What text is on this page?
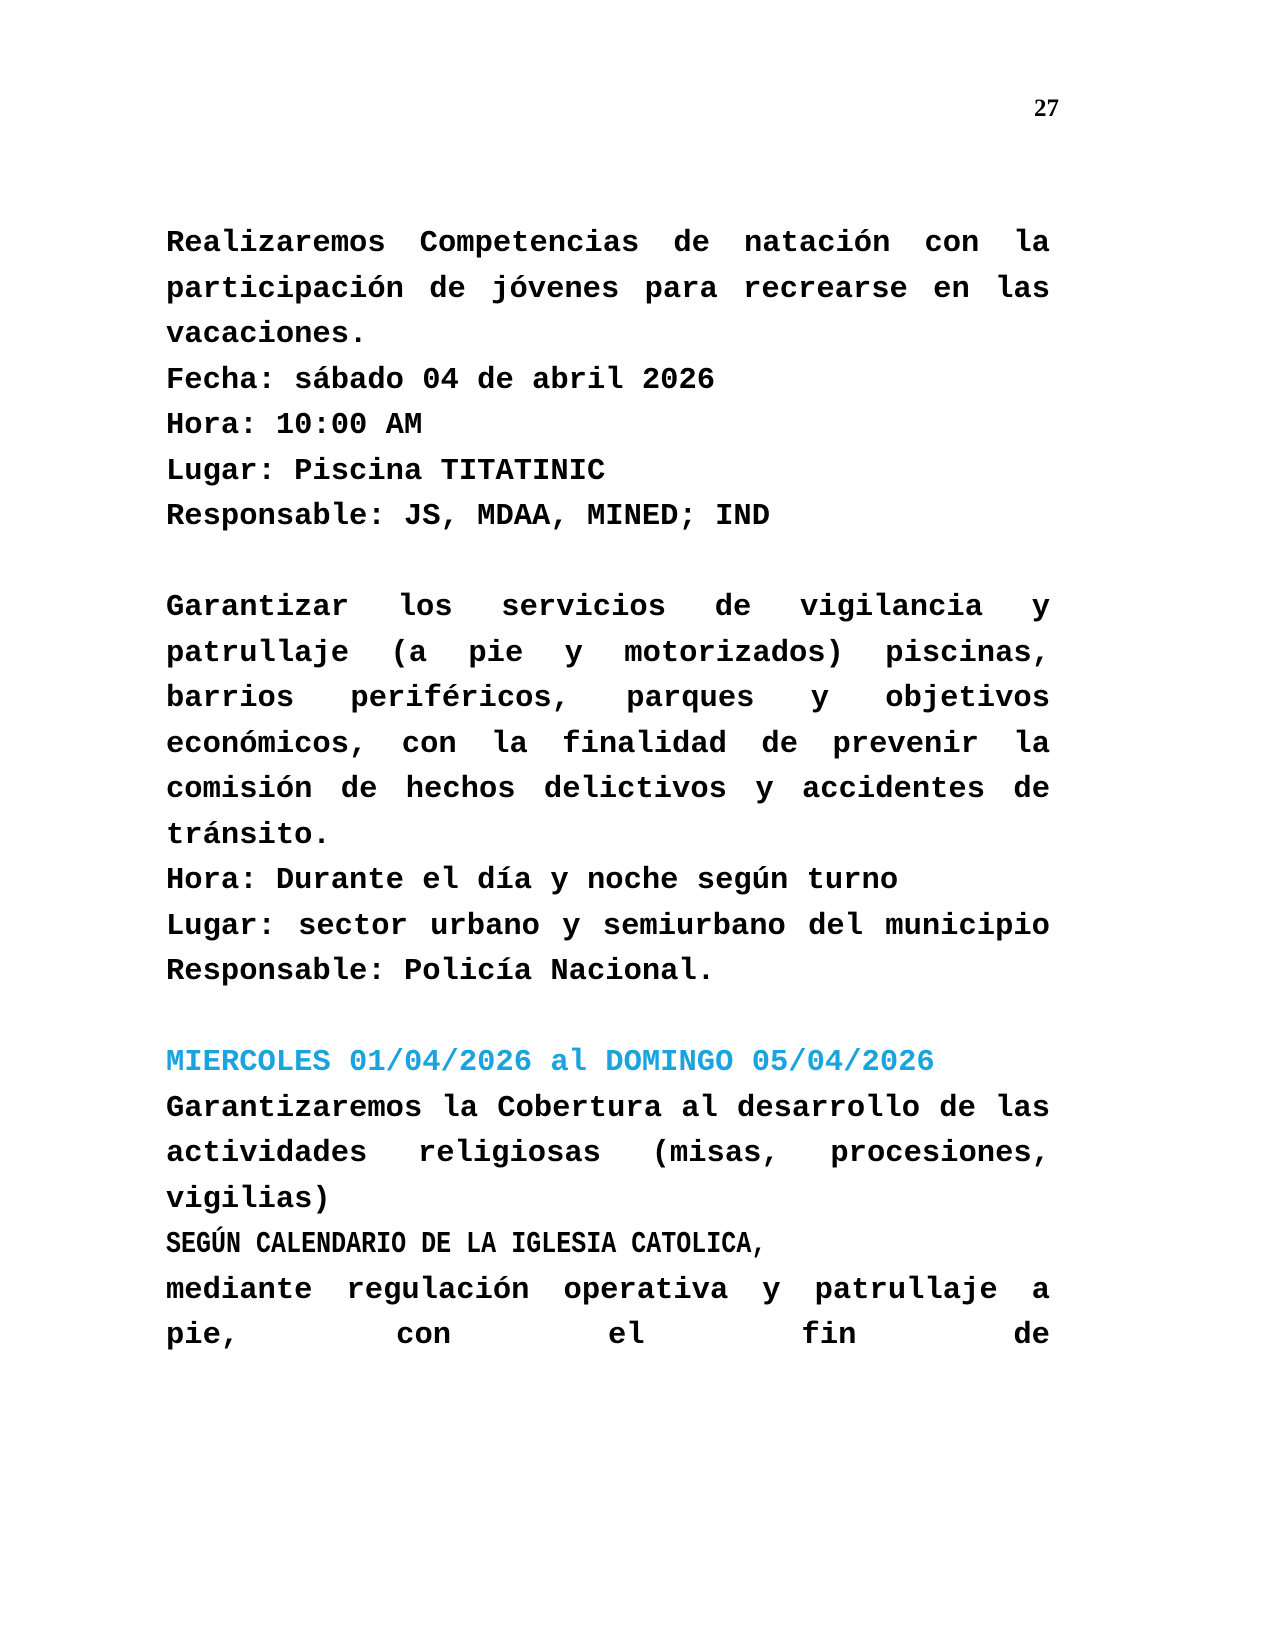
27

Realizaremos Competencias de natación con la participación de jóvenes para recrearse en las vacaciones.

Fecha: sábado 04 de abril 2026

Hora: 10:00 AM

Lugar: Piscina TITATINIC

Responsable: JS, MDAA, MINED; IND

Garantizar los servicios de vigilancia y patrullaje (a pie y motorizados) piscinas, barrios periféricos, parques y objetivos económicos, con la finalidad de prevenir la comisión de hechos delictivos y accidentes de tránsito.

Hora: Durante el día y noche según turno

Lugar: sector urbano y semiurbano del municipio

Responsable: Policía Nacional.

MIERCOLES 01/04/2026 al DOMINGO 05/04/2026

Garantizaremos la Cobertura al desarrollo de las actividades religiosas (misas, procesiones, vigilias) SEGÚN CALENDARIO DE LA IGLESIA CATOLICA, mediante regulación operativa y patrullaje a pie, con el fin de
